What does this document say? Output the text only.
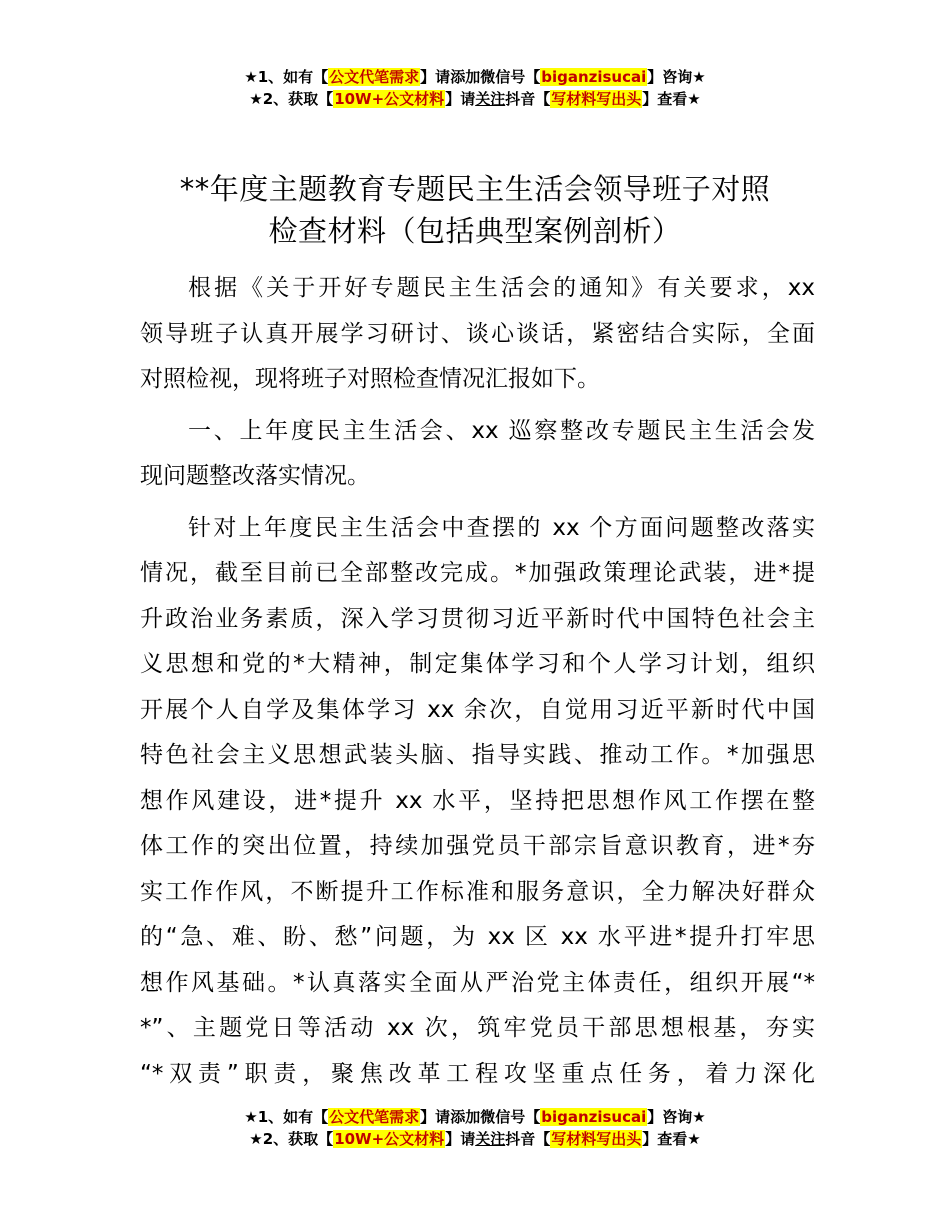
★1、如有【公文代笔需求】请添加微信号【biganzisucai】咨询★
★2、获取【10W+公文材料】请关注抖音【写材料写出头】查看★
**年度主题教育专题民主生活会领导班子对照
检查材料（包括典型案例剖析）

根据《关于开好专题民主生活会的通知》有关要求，xx
领导班子认真开展学习研讨、谈心谈话，紧密结合实际，全面
对照检视，现将班子对照检查情况汇报如下。

一、上年度民主生活会、xx 巡察整改专题民主生活会发
现问题整改落实情况。

针对上年度民主生活会中查摆的 xx 个方面问题整改落实
情况，截至目前已全部整改完成。*加强政策理论武装，进*提
升政治业务素质，深入学习贯彻习近平新时代中国特色社会主
义思想和党的*大精神，制定集体学习和个人学习计划，组织
开展个人自学及集体学习 xx 余次，自觉用习近平新时代中国
特色社会主义思想武装头脑、指导实践、推动工作。*加强思
想作风建设，进*提升 xx 水平，坚持把思想作风工作摆在整
体工作的突出位置，持续加强党员干部宗旨意识教育，进*夯
实工作作风，不断提升工作标准和服务意识，全力解决好群众
的“急、难、盼、愁”问题，为 xx 区 xx 水平进*提升打牢思
想作风基础。*认真落实全面从严治党主体责任，组织开展“*
*”、主题党日等活动 xx 次，筑牢党员干部思想根基，夯实
“*双责”职责，聚焦改革工程攻坚重点任务，着力深化

★1、如有【公文代笔需求】请添加微信号【biganzisucai】咨询★
★2、获取【10W+公文材料】请关注抖音【写材料写出头】查看★
